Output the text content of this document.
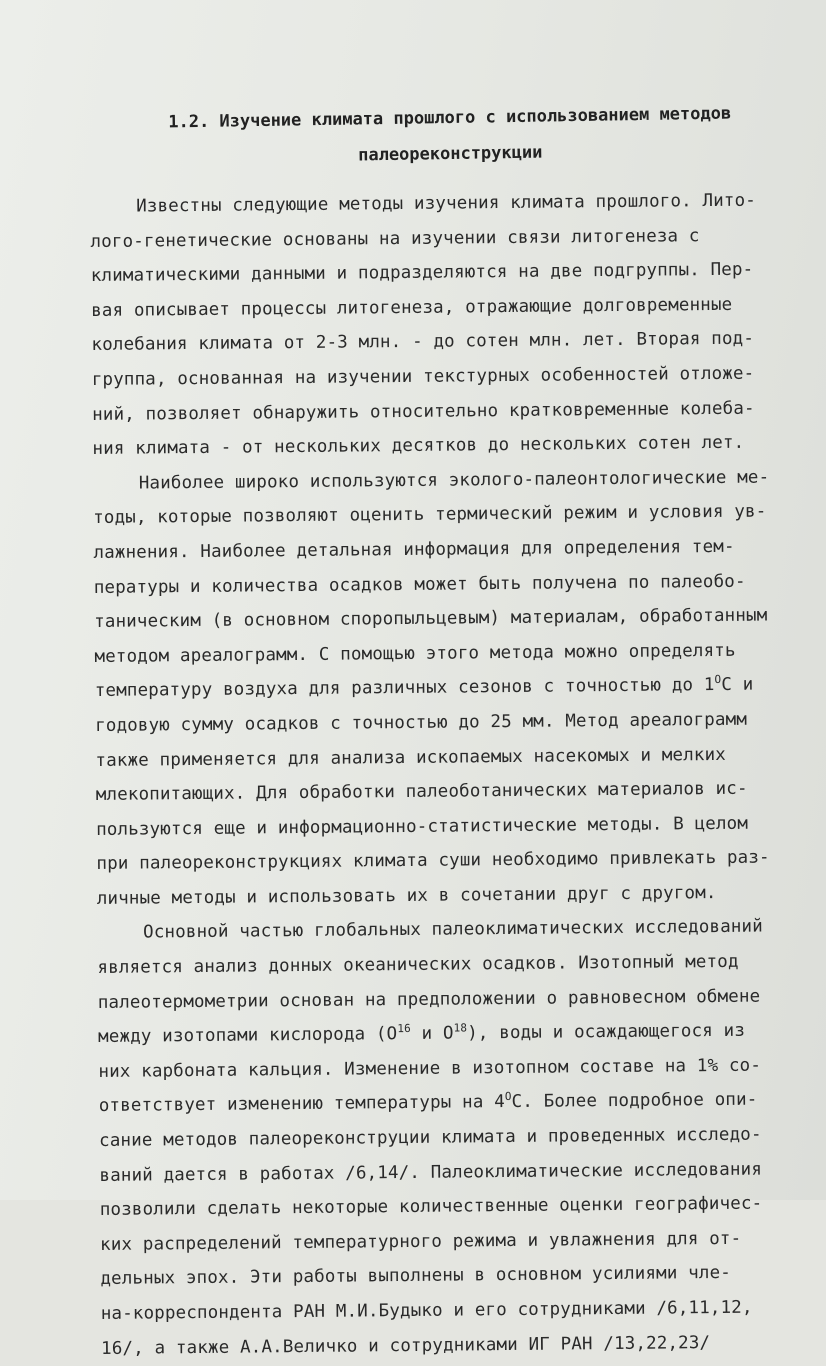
1.2. Изучение климата прошлого с использованием методов
палеореконструкции
Известны следующие методы изучения климата прошлого. Лито-
лого-генетические основаны на изучении связи литогенеза с
климатическими данными и подразделяются на две подгруппы. Пер-
вая описывает процессы литогенеза, отражающие долговременные
колебания климата от 2-3 млн. - до сотен млн. лет. Вторая под-
группа, основанная на изучении текстурных особенностей отложе-
ний, позволяет обнаружить относительно кратковременные колеба-
ния климата - от нескольких десятков до нескольких сотен лет.
Наиболее широко используются эколого-палеонтологические ме-
тоды, которые позволяют оценить термический режим и условия ув-
лажнения. Наиболее детальная информация для определения тем-
пературы и количества осадков может быть получена по палеобо-
таническим (в основном спорoпыльцевым) материалам, обработанным
методом ареалограмм. С помощью этого метода можно определять
температуру воздуха для различных сезонов с точностью до $1^OC$ и
годовую сумму осадков с точностью до 25 мм. Метод ареалограмм
также применяется для анализа ископаемых насекомых и мелких
млекопитающих. Для обработки палеоботанических материалов ис-
пользуются еще и информационно-статистические методы. В целом
при палеореконструкциях климата суши необходимо привлекать раз-
личные методы и использовать их в сочетании друг с другом.
Основной частью глобальных палеоклиматических исследований
является анализ донных океанических осадков. Изотопный метод
палеотермометрии основан на предположении о равновесном обмене
между изотопами кислорода ($O^{16}$ и $O^{18}$), воды и осаждающегося из
них карбоната кальция. Изменение в изотопном составе на 1% со-
ответствует изменению температуры на $4^OC$. Более подробное опи-
сание методов палеореконструции климата и проведенных исследо-
ваний дается в работах /6,14/. Палеоклиматические исследования
позволили сделать некоторые количественные оценки географичес-
ких распределений температурного режима и увлажнения для от-
дельных эпох. Эти работы выполнены в основном усилиями чле-
на-корреспондента РАН М.И.Будыко и его сотрудниками /6,11,12,
16/, а также А.А.Величко и сотрудниками ИГ РАН /13,22,23/
